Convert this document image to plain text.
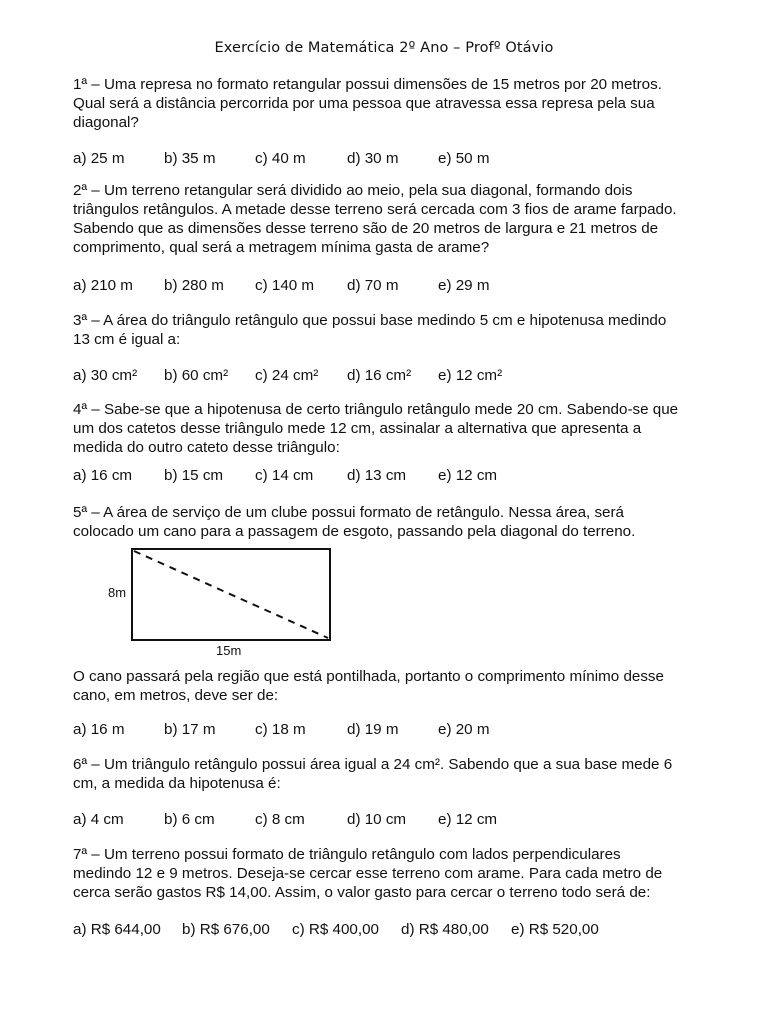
Exercício de Matemática 2º Ano – Profº Otávio
1ª – Uma represa no formato retangular possui dimensões de 15 metros por 20 metros.
Qual será a distância percorrida por uma pessoa que atravessa essa represa pela sua
diagonal?
a) 25 m	b) 35 m	c) 40 m	d) 30 m	e) 50 m
2ª – Um terreno retangular será dividido ao meio, pela sua diagonal, formando dois
triângulos retângulos. A metade desse terreno será cercada com 3 fios de arame farpado.
Sabendo que as dimensões desse terreno são de 20 metros de largura e 21 metros de
comprimento, qual será a metragem mínima gasta de arame?
a) 210 m b) 280 m c) 140 m d) 70 m	e) 29 m
3ª – A área do triângulo retângulo que possui base medindo 5 cm e hipotenusa medindo
13 cm é igual a:
a) 30 cm² b) 60 cm² c) 24 cm² d) 16 cm² e) 12 cm²
4ª – Sabe-se que a hipotenusa de certo triângulo retângulo mede 20 cm. Sabendo-se que
um dos catetos desse triângulo mede 12 cm, assinalar a alternativa que apresenta a
medida do outro cateto desse triângulo:
a) 16 cm b) 15 cm c) 14 cm d) 13 cm e) 12 cm
5ª – A área de serviço de um clube possui formato de retângulo. Nessa área, será
colocado um cano para a passagem de esgoto, passando pela diagonal do terreno.
8m
15m
O cano passará pela região que está pontilhada, portanto o comprimento mínimo desse
cano, em metros, deve ser de:
a) 16 m	b) 17 m	c) 18 m	d) 19 m	e) 20 m
6ª – Um triângulo retângulo possui área igual a 24 cm². Sabendo que a sua base mede 6
cm, a medida da hipotenusa é:
a) 4 cm	b) 6 cm	c) 8 cm	d) 10 cm e) 12 cm
7ª – Um terreno possui formato de triângulo retângulo com lados perpendiculares
medindo 12 e 9 metros. Deseja-se cercar esse terreno com arame. Para cada metro de
cerca serão gastos R$ 14,00. Assim, o valor gasto para cercar o terreno todo será de:
a) R$ 644,00 b) R$ 676,00 c) R$ 400,00 d) R$ 480,00 e) R$ 520,00
